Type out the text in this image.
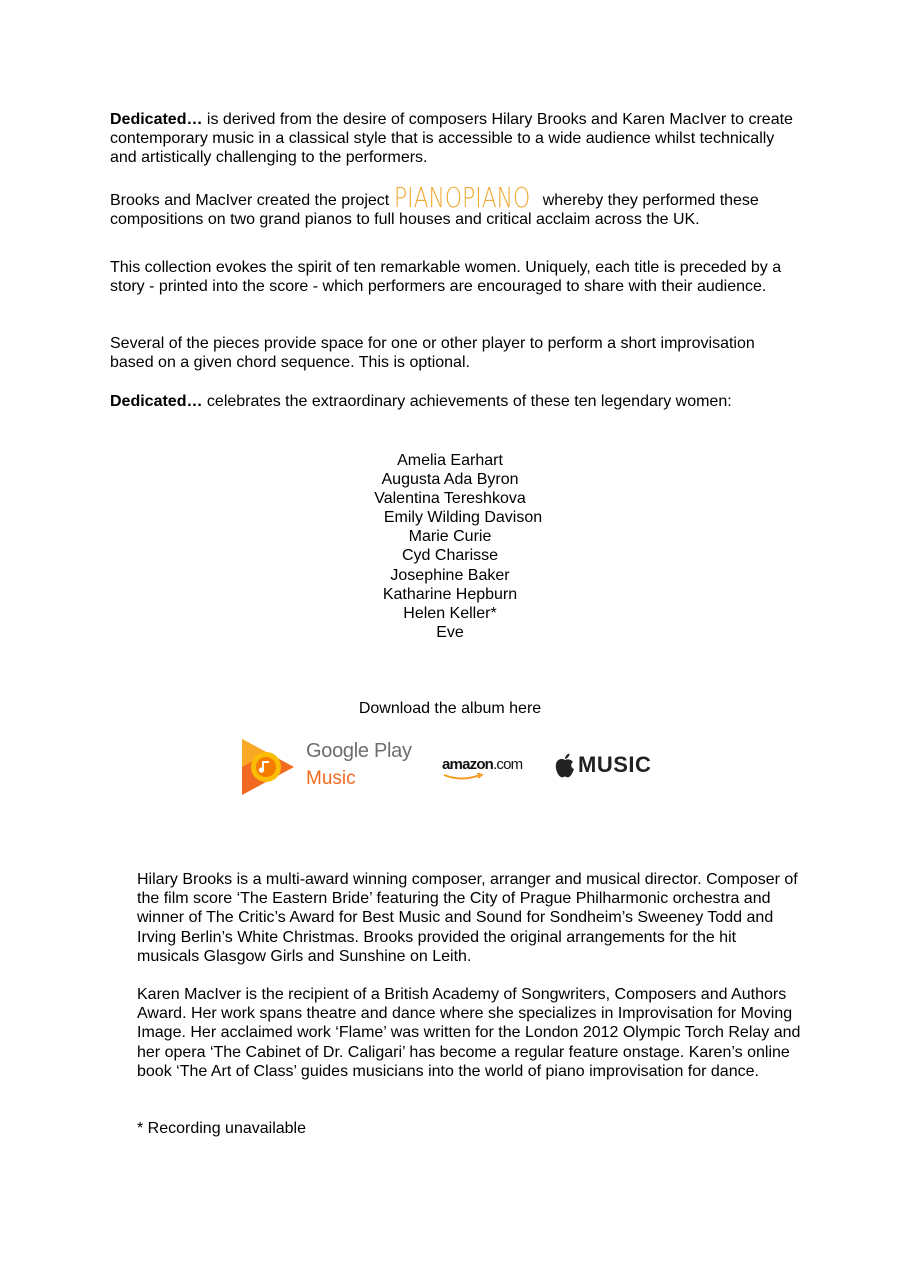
Dedicated… is derived from the desire of composers Hilary Brooks and Karen MacIver to create contemporary music in a classical style that is accessible to a wide audience whilst technically and artistically challenging to the performers.

Brooks and MacIver created the project PIANOPIANO whereby they performed these compositions on two grand pianos to full houses and critical acclaim across the UK.

This collection evokes the spirit of ten remarkable women. Uniquely, each title is preceded by a story - printed into the score - which performers are encouraged to share with their audience.

Several of the pieces provide space for one or other player to perform a short improvisation based on a given chord sequence. This is optional.

Dedicated… celebrates the extraordinary achievements of these ten legendary women:

Amelia Earhart
Augusta Ada Byron
Valentina Tereshkova
Emily Wilding Davison
Marie Curie
Cyd Charisse
Josephine Baker
Katharine Hepburn
Helen Keller*
Eve
Download the album here
Google Play
Music
amazon.com	MUSIC

Hilary Brooks is a multi-award winning composer, arranger and musical director. Composer of the film score ‘The Eastern Bride’ featuring the City of Prague Philharmonic orchestra and winner of The Critic’s Award for Best Music and Sound for Sondheim’s Sweeney Todd and Irving Berlin’s White Christmas. Brooks provided the original arrangements for the hit musicals Glasgow Girls and Sunshine on Leith.

Karen MacIver is the recipient of a British Academy of Songwriters, Composers and Authors Award. Her work spans theatre and dance where she specializes in Improvisation for Moving Image. Her acclaimed work ‘Flame’ was written for the London 2012 Olympic Torch Relay and her opera ‘The Cabinet of Dr. Caligari’ has become a regular feature onstage. Karen’s online book ‘The Art of Class’ guides musicians into the world of piano improvisation for dance.

* Recording unavailable
